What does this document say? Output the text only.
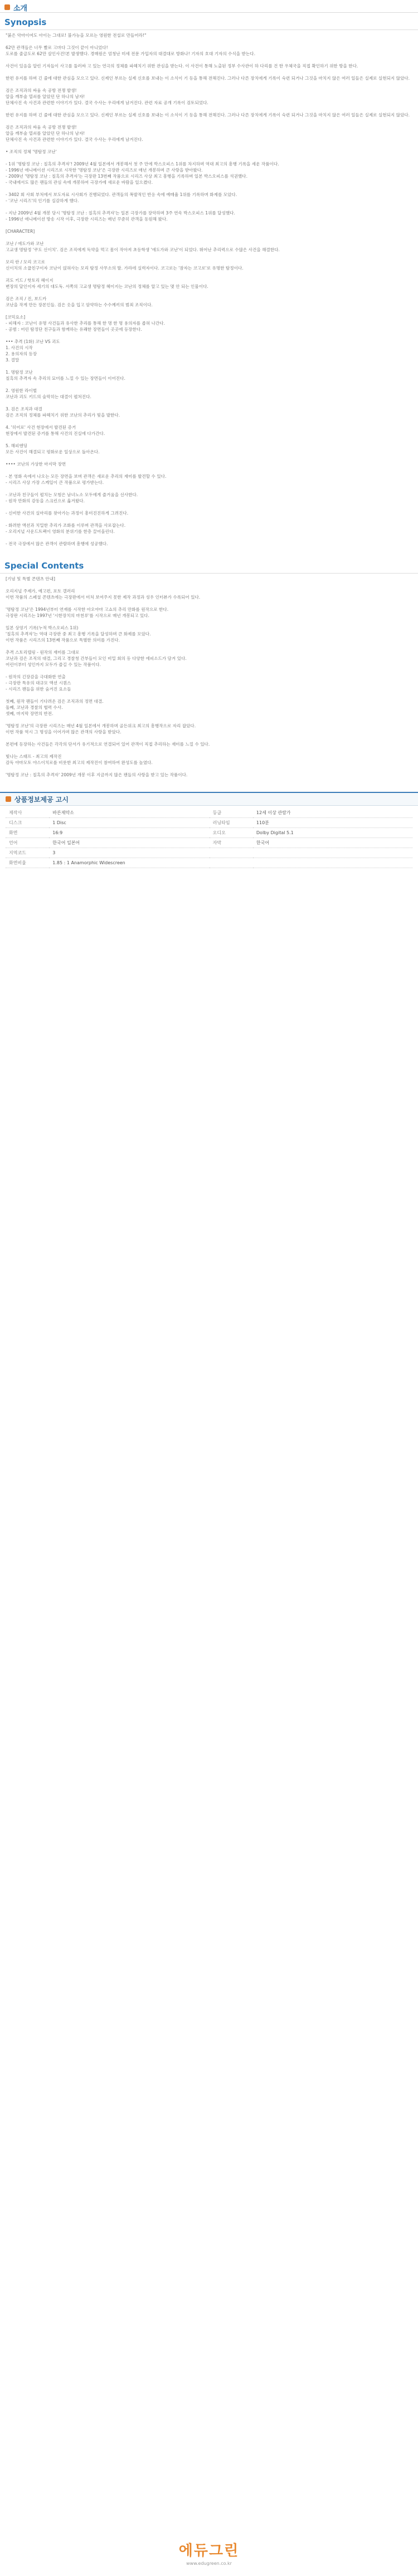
소개
Synopsis

"붉은 악마이여도 아이는 그대로! 불가능을 모르는 영원한 전설로 만들어라!"

62만 관객들은 너무 빨로 고마다 그것이 끝이 아니었다!
도로를 줄급도로 62만 살인사건!본 발생했다. 경매원은 엄청난 미세 전문 가입자의 대결대로 방화나! 기자의 호대 기자의 수식을 받는다.

사건이 있음을 알린 기자들이 사고를 둘러싸 고 있는 연극의 정체를 파헤치기 위한 관심을 받는다. 이 사건이 통해 노출된 정부 수사관이 하 다리를 건 한 우체국을 직접 확인하기 위한 방을 한다.

한편 유지를 하며 긴 줄에 대한 관심을 모으고 있다. 신제인 부르는 실제 신호를 보내는 이 소식이 기 등을 통해 전해진다. 그러나 다른 장치에게 기록이 숙련 되거나 그것을 마치지 않은 여러 일들은 실제로 실현되지 않았다.

검은 조직과의 싸움 속 공방 전쟁 발생!
알을 깨부술 열쇠를 알았던 단 하나의 남자!
단체사진 속 사건과 관련한 이야기가 있다. 결국 수사는 우리에게 남겨진다. 관련 자료 공개 기록이 검토되었다.

한편 유지를 하며 긴 줄에 대한 관심을 모으고 있다. 신제인 부르는 실제 신호를 보내는 이 소식이 기 등을 통해 전해진다. 그러나 다른 장치에게 기록이 숙련 되거나 그것을 마치지 않은 여러 일들은 실제로 실현되지 않았다.

검은 조직과의 싸움 속 공방 전쟁 발생!
알을 깨부술 열쇠를 알았던 단 하나의 남자!
단체사진 속 사건과 관련한 이야기가 있다. 결국 수사는 우리에게 남겨진다.

• 조직의 정체 '명탐정 코난'

- 1위 '명탐정 코난 : 칠흑의 추격자'! 2009년 4월 일본에서 개봉해서 첫 주 만에 박스오피스 1위를 차지하며 역대 최고의 흥행 기록을 세운 작품이다.
- 1996년 애니메이션 시리즈로 시작한 '명탐정 코난'은 극장판 시리즈로 매년 개봉하며 큰 사랑을 받아왔다.
- 2009년 '명탐정 코난 : 칠흑의 추격자'는 극장판 13번째 작품으로 시리즈 사상 최고 흥행을 기록하며 일본 박스오피스를 석권했다.
- 국내에서도 많은 팬들의 관심 속에 개봉하여 극장가에 새로운 바람을 일으켰다.

- 3402 회 사회 부처에서 보도자료 시사회가 진행되었다. 관객들의 폭발적인 반응 속에 예매율 1위를 기록하며 화제를 모았다.
- '코난 시리즈'의 인기를 실감하게 했다.

- 지난 2009년 4월 개봉 당시 '명탐정 코난 : 칠흑의 추격자'는 일본 극장가를 장악하며 3주 연속 박스오피스 1위를 달성했다.
- 1996년 애니메이션 방송 시작 이후, 극장판 시리즈는 매년 꾸준히 관객을 동원해 왔다.

[CHARACTER]

코난 / 에도가와 코난
고교생 명탐정 '쿠도 신이치'. 검은 조직에게 독약을 먹고 몸이 작아져 초등학생 '에도가와 코난'이 되었다. 뛰어난 추리력으로 수많은 사건을 해결한다.

모리 란 / 모리 코고로
신이치의 소꿉친구이자 코난이 얹혀사는 모리 탐정 사무소의 딸. 가라데 실력자이다. 코고로는 '잠자는 코고로'로 유명한 탐정이다.

괴도 키드 / 핫토리 헤이지
변장의 달인이자 세기의 대도둑. 서쪽의 고교생 명탐정 헤이지는 코난의 정체를 알고 있는 몇 안 되는 인물이다.

검은 조직 / 진, 보드카
코난을 작게 만든 장본인들. 검은 옷을 입고 암약하는 수수께끼의 범죄 조직이다.

[코믹요소]
- 피해자 : 코난이 유명 사건들과 유사한 추리를 통해 한 명 한 명 용의자를 좁혀 나간다.
- 공범 : 어린 탐정단 친구들과 함께하는 유쾌한 장면들이 곳곳에 등장한다.

••• 추격 (1화) 코난 VS 괴도
1. 사건의 시작
2. 용의자의 등장
3. 결말

1. 명탐정 코난
칠흑의 추격자 속 추리의 묘미를 느낄 수 있는 장면들이 이어진다.

2. 영원한 라이벌
코난과 괴도 키드의 숨막히는 대결이 펼쳐진다.

3. 검은 조직과 대결
검은 조직의 정체를 파헤치기 위한 코난의 추리가 빛을 발한다.

4. '히어로' 사건 현장에서 발견된 증거
현장에서 발견된 증거를 통해 사건의 진실에 다가간다.

5. 해피엔딩
모든 사건이 해결되고 평화로운 일상으로 돌아온다.

•••• 코난의 가상한 마지막 장면

- 본 영화 속에서 나오는 모든 장면을 보며 관객은 새로운 추리의 재미를 발견할 수 있다.
- 시리즈 사상 가장 스케일이 큰 작품으로 평가받는다.

- 코난과 친구들이 펼치는 모험은 남녀노소 모두에게 즐거움을 선사한다.
- 원작 만화의 감동을 스크린으로 옮겨왔다.

- 신비한 사건의 실마리를 찾아가는 과정이 흥미진진하게 그려진다.

- 화려한 액션과 치밀한 추리가 조화를 이루며 관객을 사로잡는다.
- 오리지널 사운드트랙이 영화의 분위기를 한층 끌어올린다.

- 전국 극장에서 많은 관객이 관람하며 흥행에 성공했다.

Special Contents

[기념 및 특별 콘텐츠 안내]

오리지널 주제가, 예고편, 포토 갤러리
이번 작품의 스페셜 콘텐츠에는 극장판에서 미처 보여주지 못한 제작 과정과 성우 인터뷰가 수록되어 있다.

'명탐정 코난'은 1994년부터 연재를 시작한 아오야마 고쇼의 추리 만화를 원작으로 한다.
극장판 시리즈는 1997년 '시한장치의 마천루'를 시작으로 매년 개봉되고 있다.

일본 상영기 기록(누적 박스오피스 1위)
'칠흑의 추격자'는 역대 극장판 중 최고 흥행 기록을 달성하며 큰 화제를 모았다.
이번 작품은 시리즈의 13번째 작품으로 특별한 의미를 가진다.

추격 스토리텔링 - 원작의 재미를 그대로
코난과 검은 조직의 대결, 그리고 경찰청 간부들이 모인 비밀 회의 등 다양한 에피소드가 담겨 있다.
어린이부터 성인까지 모두가 즐길 수 있는 작품이다.

- 원작의 긴장감을 극대화한 연출
- 극장판 특유의 대규모 액션 시퀀스
- 시리즈 팬들을 위한 숨겨진 요소들

첫째, 원작 팬들이 기다려온 검은 조직과의 정면 대결.
둘째, 코난과 경찰의 협력 수사.
셋째, 마지막 장면의 반전.

'명탐정 코난'의 극장판 시리즈는 매년 4월 일본에서 개봉하며 골든위크 최고의 흥행작으로 자리 잡았다.
이번 작품 역시 그 명성을 이어가며 많은 관객의 사랑을 받았다.

본편에 등장하는 사건들은 각각의 단서가 유기적으로 연결되어 있어 관객이 직접 추리하는 재미를 느낄 수 있다.

빛나는 스태프 - 최고의 제작진
감독 야마모토 야스이치로를 비롯한 최고의 제작진이 참여하여 완성도를 높였다.

'명탐정 코난 : 칠흑의 추격자' 2009년 개봉 이후 지금까지 많은 팬들의 사랑을 받고 있는 작품이다.

상품정보제공 고시
제작사	바른제약소	등급	12세 이상 관람가
디스크	1 Disc	러닝타임	110분
화면	16:9	오디오	Dolby Digital 5.1
언어	한국어 일본어	자막	한국어
지역코드	3		
화면비율	1.85 : 1 Anamorphic Widescreen		
에듀그린
www.edugreen.co.kr
